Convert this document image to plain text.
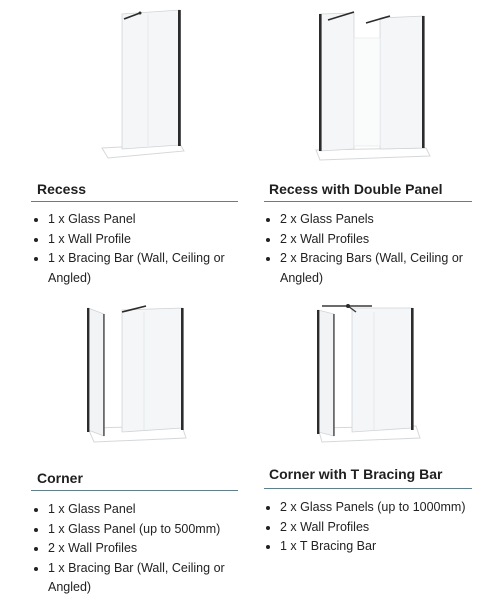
Recess
1 x Glass Panel
1 x Wall Profile
1 x Bracing Bar (Wall, Ceiling or Angled)
Recess with Double Panel
2 x Glass Panels
2 x Wall Profiles
2 x Bracing Bars (Wall, Ceiling or Angled)
Corner
1 x Glass Panel
1 x Glass Panel (up to 500mm)
2 x Wall Profiles
1 x Bracing Bar (Wall, Ceiling or Angled)
Corner with T Bracing Bar
2 x Glass Panels (up to 1000mm)
2 x Wall Profiles
1 x T Bracing Bar
